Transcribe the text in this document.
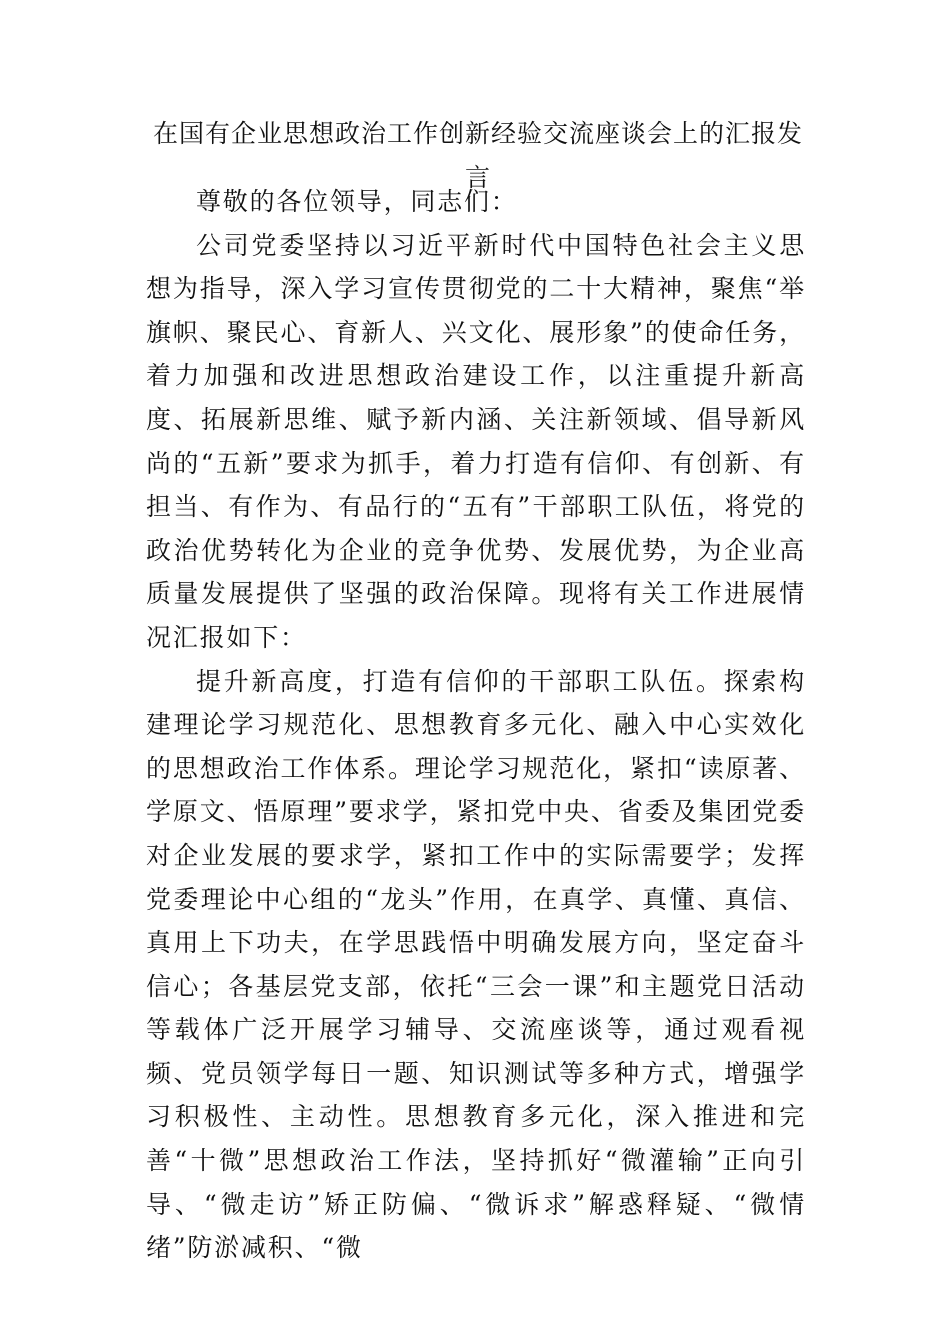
在国有企业思想政治工作创新经验交流座谈会上的汇报发言

尊敬的各位领导，同志们：

公司党委坚持以习近平新时代中国特色社会主义思想为指导，深入学习宣传贯彻党的二十大精神，聚焦“举旗帜、聚民心、育新人、兴文化、展形象”的使命任务，着力加强和改进思想政治建设工作，以注重提升新高度、拓展新思维、赋予新内涵、关注新领域、倡导新风尚的“五新”要求为抓手，着力打造有信仰、有创新、有担当、有作为、有品行的“五有”干部职工队伍，将党的政治优势转化为企业的竞争优势、发展优势，为企业高质量发展提供了坚强的政治保障。现将有关工作进展情况汇报如下：

提升新高度，打造有信仰的干部职工队伍。探索构建理论学习规范化、思想教育多元化、融入中心实效化的思想政治工作体系。理论学习规范化，紧扣“读原著、学原文、悟原理”要求学，紧扣党中央、省委及集团党委对企业发展的要求学，紧扣工作中的实际需要学；发挥党委理论中心组的“龙头”作用，在真学、真懂、真信、真用上下功夫，在学思践悟中明确发展方向，坚定奋斗信心；各基层党支部，依托“三会一课”和主题党日活动等载体广泛开展学习辅导、交流座谈等，通过观看视频、党员领学每日一题、知识测试等多种方式，增强学习积极性、主动性。思想教育多元化，深入推进和完善“十微”思想政治工作法，坚持抓好“微灌输”正向引导、“微走访”矫正防偏、“微诉求”解惑释疑、“微情绪”防淤减积、“微
